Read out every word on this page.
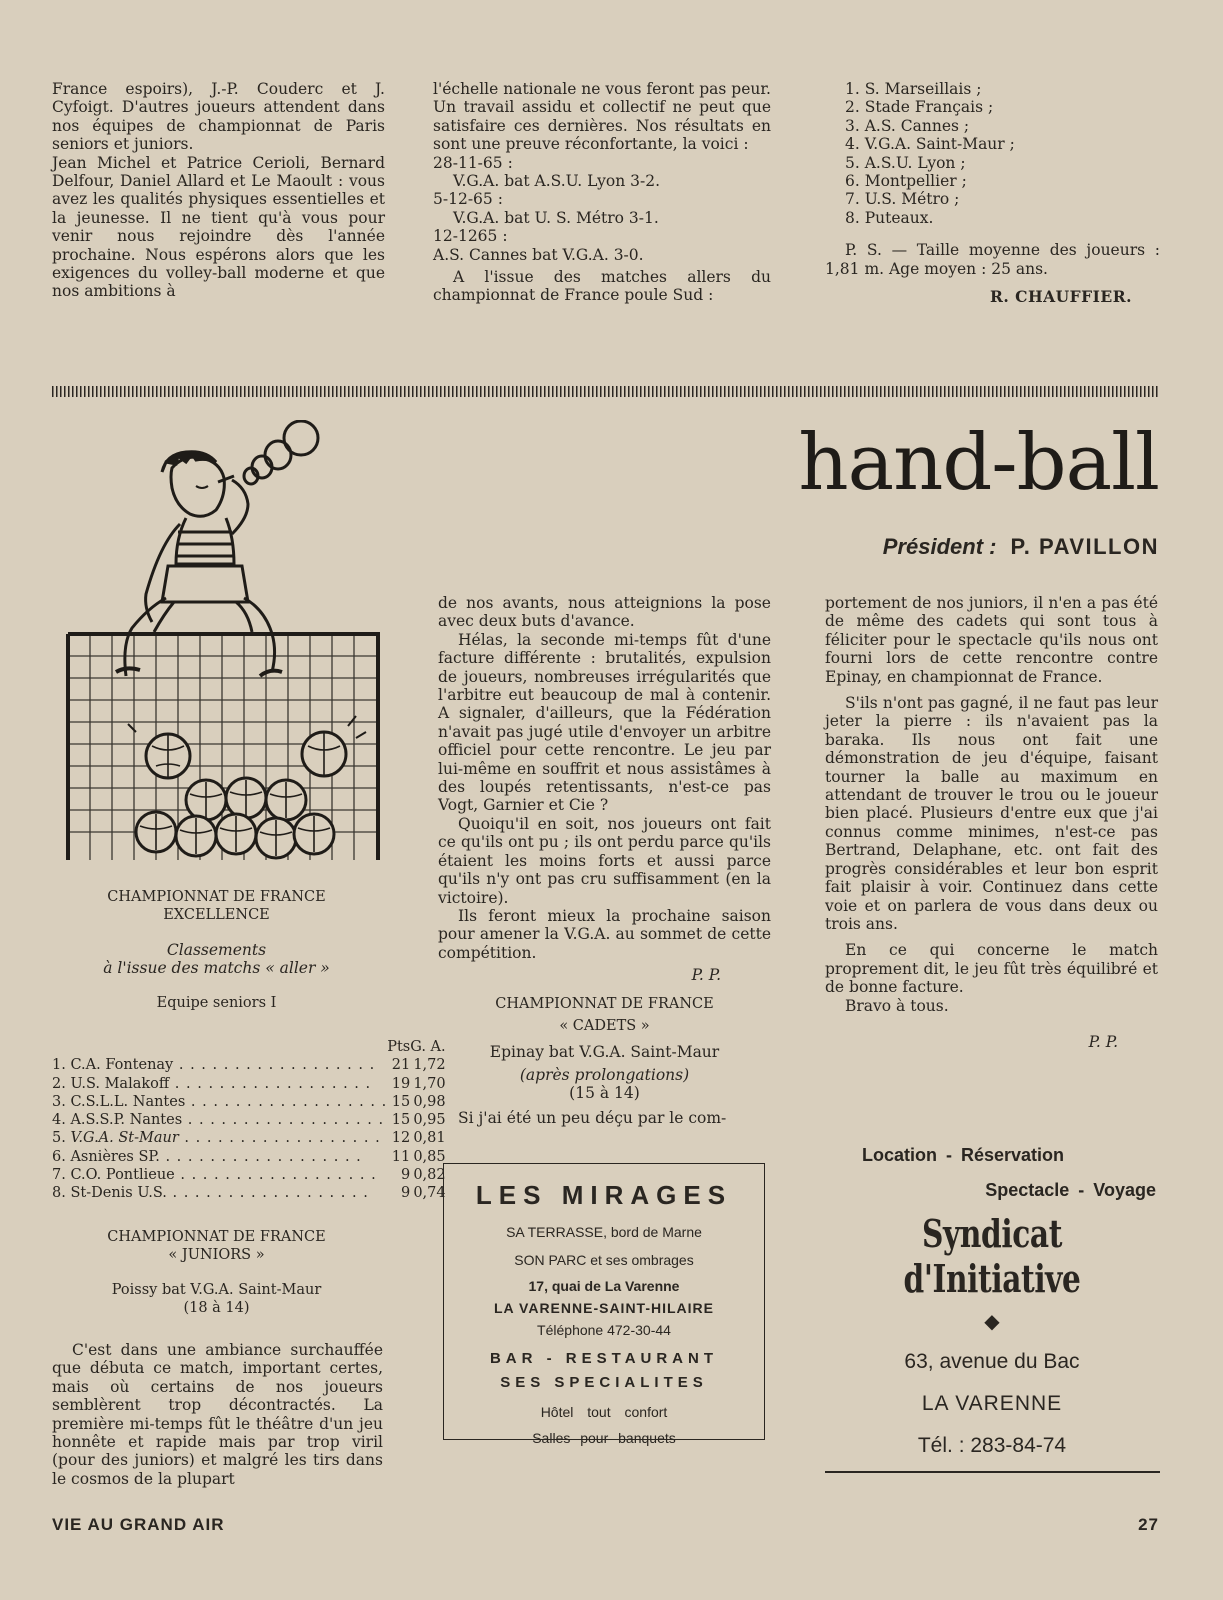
France espoirs), J.-P. Couderc et J. Cyfoigt. D'autres joueurs attendent dans nos équipes de championnat de Paris seniors et juniors.

Jean Michel et Patrice Cerioli, Bernard Delfour, Daniel Allard et Le Maoult : vous avez les qualités physiques essentielles et la jeunesse. Il ne tient qu'à vous pour venir nous rejoindre dès l'année prochaine. Nous espérons alors que les exigences du volley-ball moderne et que nos ambitions à

l'échelle nationale ne vous feront pas peur. Un travail assidu et collectif ne peut que satisfaire ces dernières. Nos résultats en sont une preuve réconfortante, la voici :

28-11-65 :

V.G.A. bat A.S.U. Lyon 3-2.

5-12-65 :

V.G.A. bat U. S. Métro 3-1.

12-1265 :

A.S. Cannes bat V.G.A. 3-0.

A l'issue des matches allers du championnat de France poule Sud :

1. S. Marseillais ;

2. Stade Français ;

3. A.S. Cannes ;

4. V.G.A. Saint-Maur ;

5. A.S.U. Lyon ;

6. Montpellier ;

7. U.S. Métro ;

8. Puteaux.

P. S. — Taille moyenne des joueurs : 1,81 m. Age moyen : 25 ans.

R. CHAUFFIER.

hand-ball
Président : P. PAVILLON

CHAMPIONNAT DE FRANCE

EXCELLENCE

Classements

à l'issue des matchs « aller »

Equipe seniors I

	Pts	G. A.
1. C.A. Fontenay . . .	21	1,72
2. U.S. Malakoff . . .	19	1,70
3. C.S.L.L. Nantes . . .	15	0,98
4. A.S.S.P. Nantes . . .	15	0,95
5. V.G.A. St-Maur . . .	12	0,81
6. Asnières SP. . . .	11	0,85
7. C.O. Pontlieue . . .	9	0,82
8. St-Denis U.S. . . .	9	0,74

CHAMPIONNAT DE FRANCE

« JUNIORS »

Poissy bat V.G.A. Saint-Maur

(18 à 14)

C'est dans une ambiance surchauffée que débuta ce match, important certes, mais où certains de nos joueurs semblèrent trop décontractés. La première mi-temps fût le théâtre d'un jeu honnête et rapide mais par trop viril (pour des juniors) et malgré les tirs dans le cosmos de la plupart

de nos avants, nous atteignions la pose avec deux buts d'avance.

Hélas, la seconde mi-temps fût d'une facture différente : brutalités, expulsion de joueurs, nombreuses irrégularités que l'arbitre eut beaucoup de mal à contenir. A signaler, d'ailleurs, que la Fédération n'avait pas jugé utile d'envoyer un arbitre officiel pour cette rencontre. Le jeu par lui-même en souffrit et nous assistâmes à des loupés retentissants, n'est-ce pas Vogt, Garnier et Cie ?

Quoiqu'il en soit, nos joueurs ont fait ce qu'ils ont pu ; ils ont perdu parce qu'ils étaient les moins forts et aussi parce qu'ils n'y ont pas cru suffisamment (en la victoire).

Ils feront mieux la prochaine saison pour amener la V.G.A. au sommet de cette compétition.

P. P.

CHAMPIONNAT DE FRANCE

« CADETS »

Epinay bat V.G.A. Saint-Maur

(après prolongations)

(15 à 14)

Si j'ai été un peu déçu par le com-

portement de nos juniors, il n'en a pas été de même des cadets qui sont tous à féliciter pour le spectacle qu'ils nous ont fourni lors de cette rencontre contre Epinay, en championnat de France.

S'ils n'ont pas gagné, il ne faut pas leur jeter la pierre : ils n'avaient pas la baraka. Ils nous ont fait une démonstration de jeu d'équipe, faisant tourner la balle au maximum en attendant de trouver le trou ou le joueur bien placé. Plusieurs d'entre eux que j'ai connus comme minimes, n'est-ce pas Bertrand, Delaphane, etc. ont fait des progrès considérables et leur bon esprit fait plaisir à voir. Continuez dans cette voie et on parlera de vous dans deux ou trois ans.

En ce qui concerne le match proprement dit, le jeu fût très équilibré et de bonne facture.

Bravo à tous.

P. P.

LES MIRAGES
SA TERRASSE, bord de Marne
SON PARC et ses ombrages
17, quai de La Varenne
LA VARENNE-SAINT-HILAIRE
Téléphone 472-30-44
BAR - RESTAURANT
SES SPECIALITES
Hôtel tout confort
Salles pour banquets
Location - Réservation
Spectacle - Voyage
Syndicat d'Initiative
◆
63, avenue du Bac
LA VARENNE
Tél. : 283-84-74
VIE AU GRAND AIR	27
